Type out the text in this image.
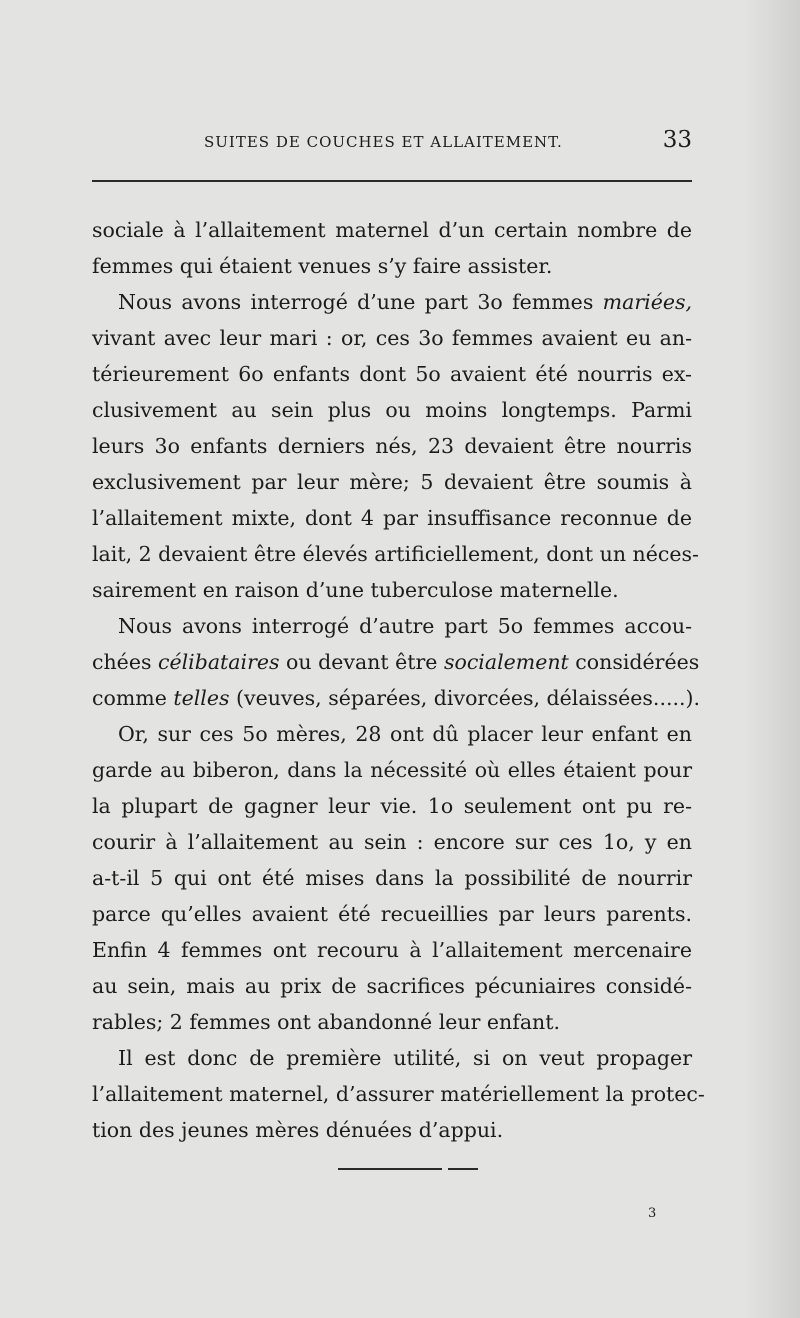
SUITES DE COUCHES ET ALLAITEMENT.	33
sociale à l’allaitement maternel d’un certain nombre de
femmes qui étaient venues s’y faire assister.
Nous avons interrogé d’une part 3o femmes mariées,
vivant avec leur mari : or, ces 3o femmes avaient eu an-
térieurement 6o enfants dont 5o avaient été nourris ex-
clusivement au sein plus ou moins longtemps. Parmi
leurs 3o enfants derniers nés, 23 devaient être nourris
exclusivement par leur mère; 5 devaient être soumis à
l’allaitement mixte, dont 4 par insuffisance reconnue de
lait, 2 devaient être élevés artificiellement, dont un néces-
sairement en raison d’une tuberculose maternelle.
Nous avons interrogé d’autre part 5o femmes accou-
chées célibataires ou devant être socialement considérées
comme telles (veuves, séparées, divorcées, délaissées.....).
Or, sur ces 5o mères, 28 ont dû placer leur enfant en
garde au biberon, dans la nécessité où elles étaient pour
la plupart de gagner leur vie. 1o seulement ont pu re-
courir à l’allaitement au sein : encore sur ces 1o, y en
a-t-il 5 qui ont été mises dans la possibilité de nourrir
parce qu’elles avaient été recueillies par leurs parents.
Enfin 4 femmes ont recouru à l’allaitement mercenaire
au sein, mais au prix de sacrifices pécuniaires considé-
rables; 2 femmes ont abandonné leur enfant.
Il est donc de première utilité, si on veut propager
l’allaitement maternel, d’assurer matériellement la protec-
tion des jeunes mères dénuées d’appui.
3
